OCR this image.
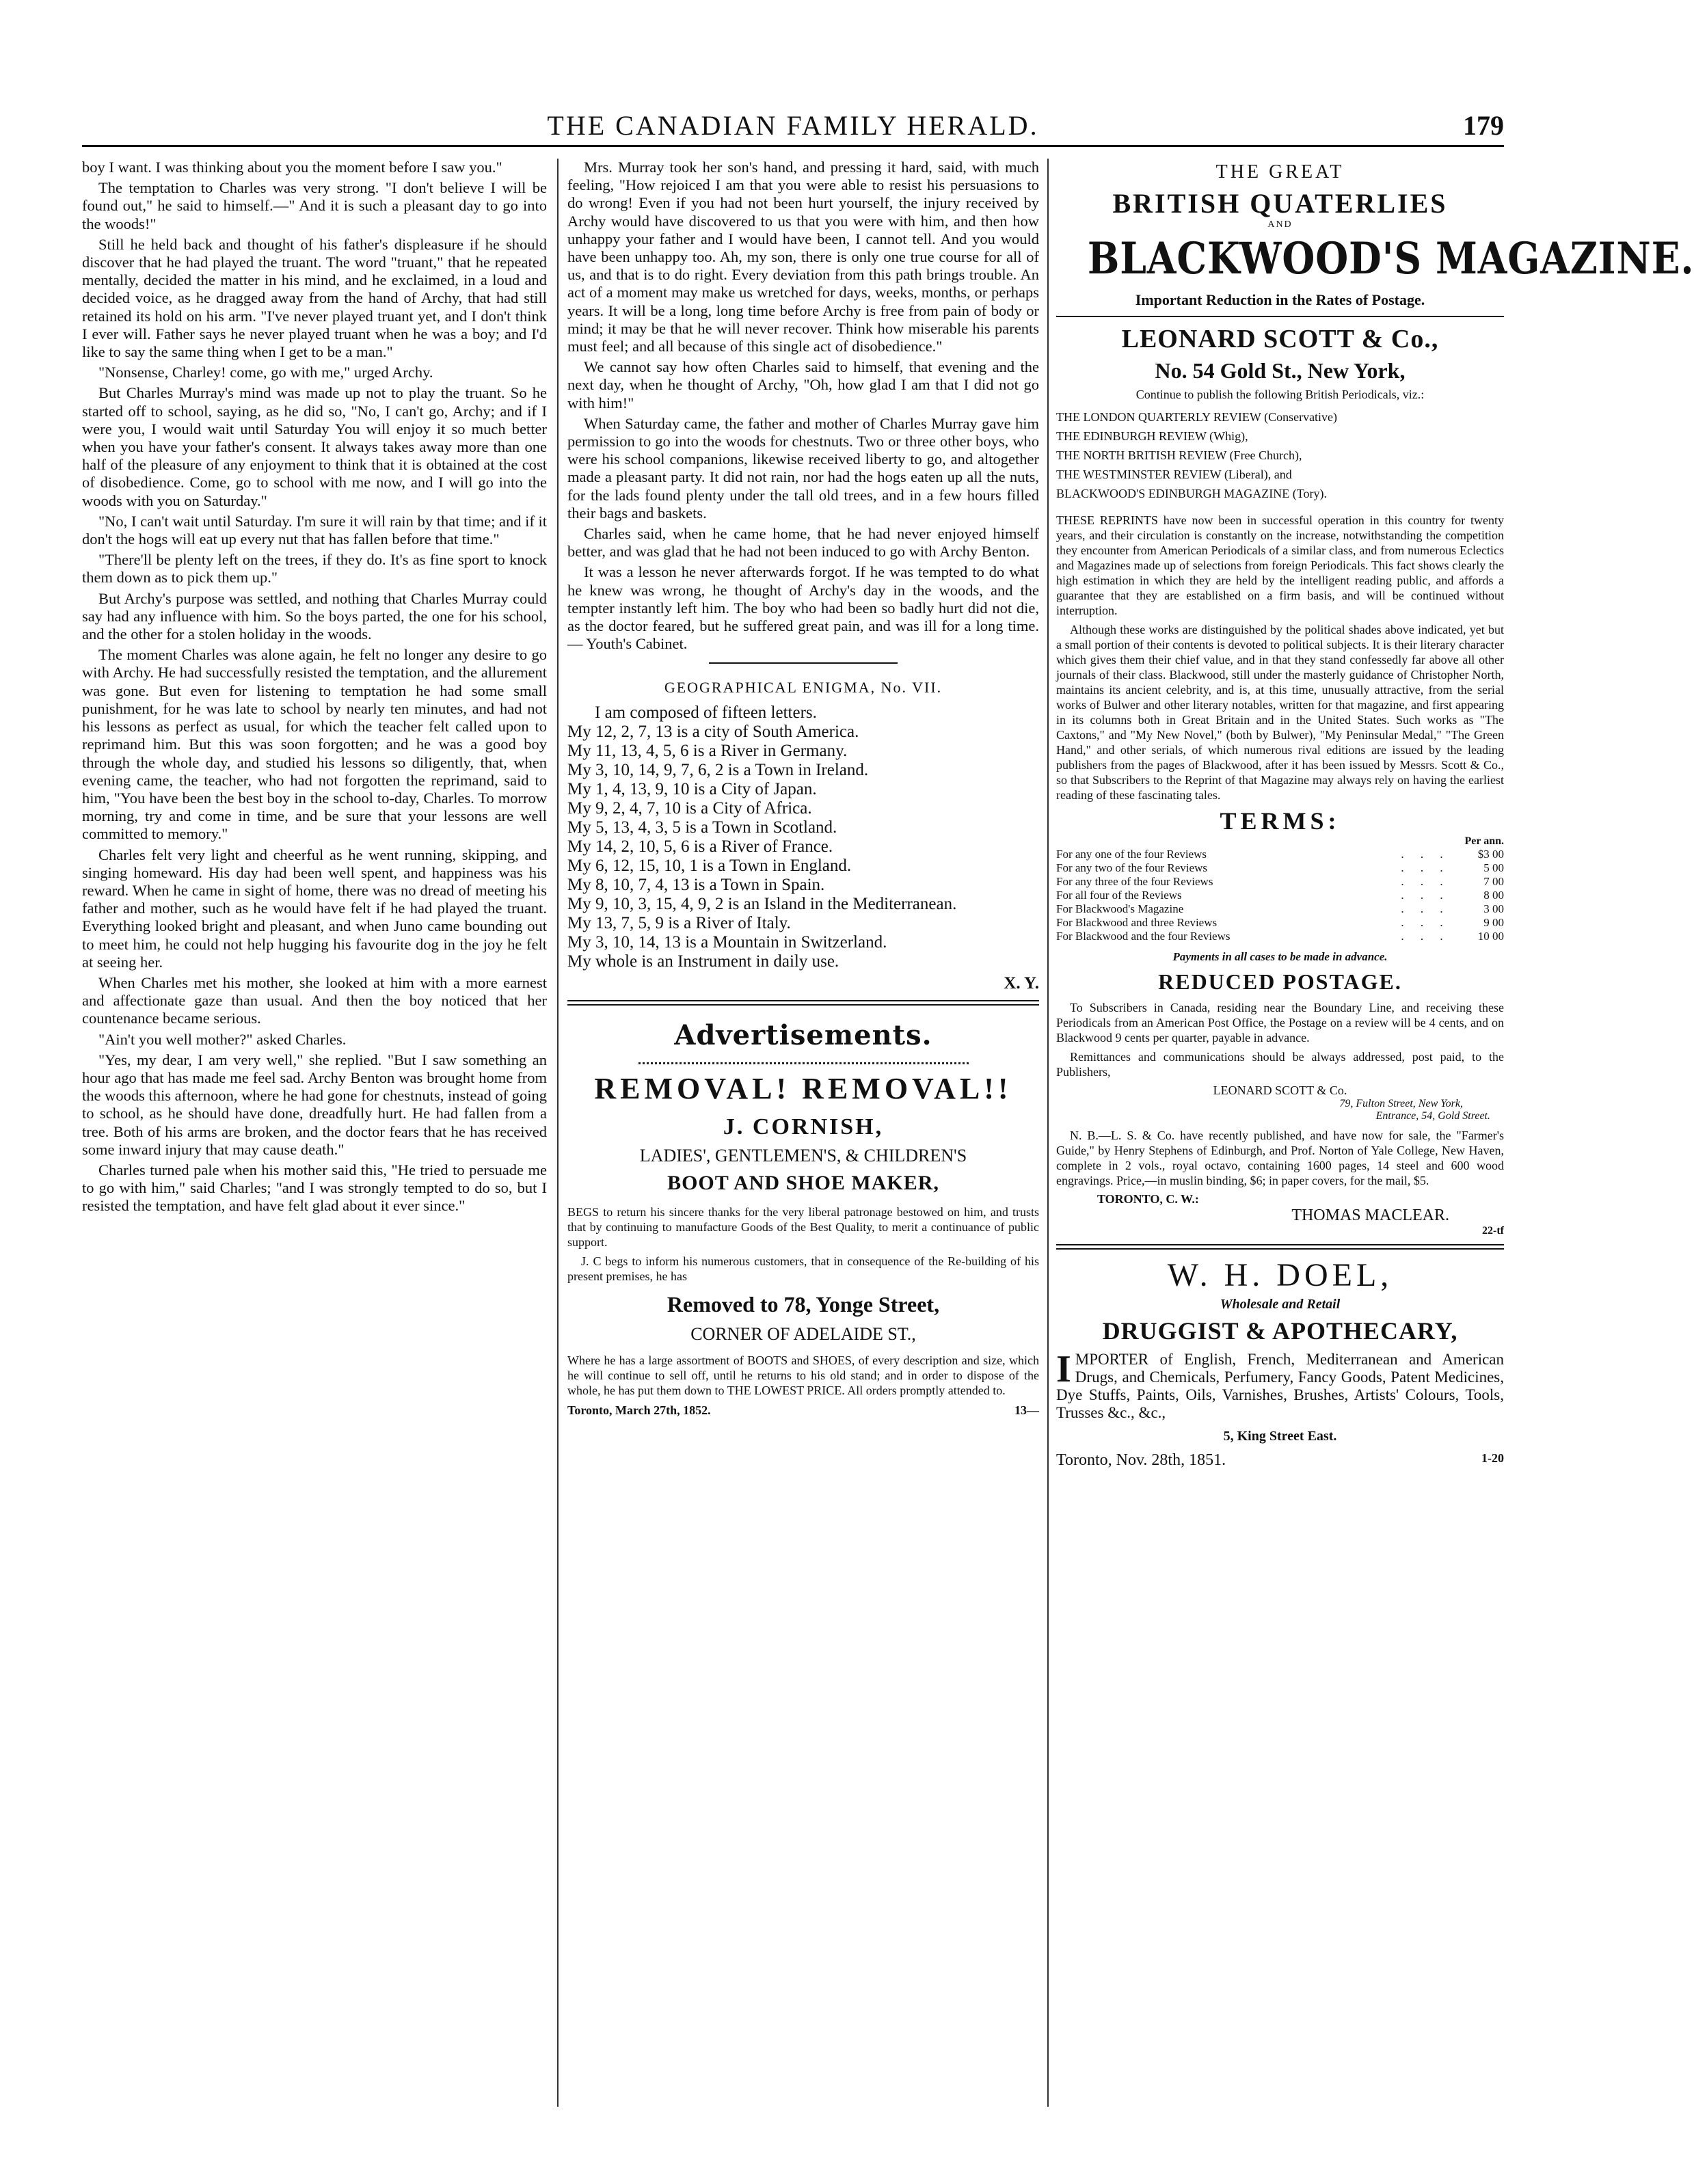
THE CANADIAN FAMILY HERALD.	179

boy I want. I was thinking about you the moment before I saw you."

The temptation to Charles was very strong. "I don't believe I will be found out," he said to himself.—" And it is such a pleasant day to go into the woods!"

Still he held back and thought of his father's displeasure if he should discover that he had played the truant. The word "truant," that he repeated mentally, decided the matter in his mind, and he exclaimed, in a loud and decided voice, as he dragged away from the hand of Archy, that had still retained its hold on his arm. "I've never played truant yet, and I don't think I ever will. Father says he never played truant when he was a boy; and I'd like to say the same thing when I get to be a man."

"Nonsense, Charley! come, go with me," urged Archy.

But Charles Murray's mind was made up not to play the truant. So he started off to school, saying, as he did so, "No, I can't go, Archy; and if I were you, I would wait until Saturday You will enjoy it so much better when you have your father's consent. It always takes away more than one half of the pleasure of any enjoyment to think that it is obtained at the cost of disobedience. Come, go to school with me now, and I will go into the woods with you on Saturday."

"No, I can't wait until Saturday. I'm sure it will rain by that time; and if it don't the hogs will eat up every nut that has fallen before that time."

"There'll be plenty left on the trees, if they do. It's as fine sport to knock them down as to pick them up."

But Archy's purpose was settled, and nothing that Charles Murray could say had any influence with him. So the boys parted, the one for his school, and the other for a stolen holiday in the woods.

The moment Charles was alone again, he felt no longer any desire to go with Archy. He had successfully resisted the temptation, and the allurement was gone. But even for listening to temptation he had some small punishment, for he was late to school by nearly ten minutes, and had not his lessons as perfect as usual, for which the teacher felt called upon to reprimand him. But this was soon forgotten; and he was a good boy through the whole day, and studied his lessons so diligently, that, when evening came, the teacher, who had not forgotten the reprimand, said to him, "You have been the best boy in the school to-day, Charles. To morrow morning, try and come in time, and be sure that your lessons are well committed to memory."

Charles felt very light and cheerful as he went running, skipping, and singing homeward. His day had been well spent, and happiness was his reward. When he came in sight of home, there was no dread of meeting his father and mother, such as he would have felt if he had played the truant. Everything looked bright and pleasant, and when Juno came bounding out to meet him, he could not help hugging his favourite dog in the joy he felt at seeing her.

When Charles met his mother, she looked at him with a more earnest and affectionate gaze than usual. And then the boy noticed that her countenance became serious.

"Ain't you well mother?" asked Charles.

"Yes, my dear, I am very well," she replied. "But I saw something an hour ago that has made me feel sad. Archy Benton was brought home from the woods this afternoon, where he had gone for chestnuts, instead of going to school, as he should have done, dreadfully hurt. He had fallen from a tree. Both of his arms are broken, and the doctor fears that he has received some inward injury that may cause death."

Charles turned pale when his mother said this, "He tried to persuade me to go with him," said Charles; "and I was strongly tempted to do so, but I resisted the temptation, and have felt glad about it ever since."

Mrs. Murray took her son's hand, and pressing it hard, said, with much feeling, "How rejoiced I am that you were able to resist his persuasions to do wrong! Even if you had not been hurt yourself, the injury received by Archy would have discovered to us that you were with him, and then how unhappy your father and I would have been, I cannot tell. And you would have been unhappy too. Ah, my son, there is only one true course for all of us, and that is to do right. Every deviation from this path brings trouble. An act of a moment may make us wretched for days, weeks, months, or perhaps years. It will be a long, long time before Archy is free from pain of body or mind; it may be that he will never recover. Think how miserable his parents must feel; and all because of this single act of disobedience."

We cannot say how often Charles said to himself, that evening and the next day, when he thought of Archy, "Oh, how glad I am that I did not go with him!"

When Saturday came, the father and mother of Charles Murray gave him permission to go into the woods for chestnuts. Two or three other boys, who were his school companions, likewise received liberty to go, and altogether made a pleasant party. It did not rain, nor had the hogs eaten up all the nuts, for the lads found plenty under the tall old trees, and in a few hours filled their bags and baskets.

Charles said, when he came home, that he had never enjoyed himself better, and was glad that he had not been induced to go with Archy Benton.

It was a lesson he never afterwards forgot. If he was tempted to do what he knew was wrong, he thought of Archy's day in the woods, and the tempter instantly left him. The boy who had been so badly hurt did not die, as the doctor feared, but he suffered great pain, and was ill for a long time.— Youth's Cabinet.

GEOGRAPHICAL ENIGMA, No. VII.
I am composed of fifteen letters.
My 12, 2, 7, 13 is a city of South America.
My 11, 13, 4, 5, 6 is a River in Germany.
My 3, 10, 14, 9, 7, 6, 2 is a Town in Ireland.
My 1, 4, 13, 9, 10 is a City of Japan.
My 9, 2, 4, 7, 10 is a City of Africa.
My 5, 13, 4, 3, 5 is a Town in Scotland.
My 14, 2, 10, 5, 6 is a River of France.
My 6, 12, 15, 10, 1 is a Town in England.
My 8, 10, 7, 4, 13 is a Town in Spain.
My 9, 10, 3, 15, 4, 9, 2 is an Island in the Mediterranean.
My 13, 7, 5, 9 is a River of Italy.
My 3, 10, 14, 13 is a Mountain in Switzerland.
My whole is an Instrument in daily use.
X. Y.
Advertisements.
REMOVAL! REMOVAL!!
J. CORNISH,
LADIES', GENTLEMEN'S, & CHILDREN'S
BOOT AND SHOE MAKER,

BEGS to return his sincere thanks for the very liberal patronage bestowed on him, and trusts that by continuing to manufacture Goods of the Best Quality, to merit a continuance of public support.

J. C begs to inform his numerous customers, that in consequence of the Re-building of his present premises, he has

Removed to 78, Yonge Street,
CORNER OF ADELAIDE ST.,

Where he has a large assortment of BOOTS and SHOES, of every description and size, which he will continue to sell off, until he returns to his old stand; and in order to dispose of the whole, he has put them down to THE LOWEST PRICE. All orders promptly attended to.

Toronto, March 27th, 1852.	13—
THE GREAT
BRITISH QUATERLIES
AND
BLACKWOOD'S MAGAZINE.
Important Reduction in the Rates of Postage.
LEONARD SCOTT & Co.,
No. 54 Gold St., New York,
Continue to publish the following British Periodicals, viz.:
THE LONDON QUARTERLY REVIEW (Conservative)
THE EDINBURGH REVIEW (Whig),
THE NORTH BRITISH REVIEW (Free Church),
THE WESTMINSTER REVIEW (Liberal), and
BLACKWOOD'S EDINBURGH MAGAZINE (Tory).

THESE REPRINTS have now been in successful operation in this country for twenty years, and their circulation is constantly on the increase, notwithstanding the competition they encounter from American Periodicals of a similar class, and from numerous Eclectics and Magazines made up of selections from foreign Periodicals. This fact shows clearly the high estimation in which they are held by the intelligent reading public, and affords a guarantee that they are established on a firm basis, and will be continued without interruption.

Although these works are distinguished by the political shades above indicated, yet but a small portion of their contents is devoted to political subjects. It is their literary character which gives them their chief value, and in that they stand confessedly far above all other journals of their class. Blackwood, still under the masterly guidance of Christopher North, maintains its ancient celebrity, and is, at this time, unusually attractive, from the serial works of Bulwer and other literary notables, written for that magazine, and first appearing in its columns both in Great Britain and in the United States. Such works as "The Caxtons," and "My New Novel," (both by Bulwer), "My Peninsular Medal," "The Green Hand," and other serials, of which numerous rival editions are issued by the leading publishers from the pages of Blackwood, after it has been issued by Messrs. Scott & Co., so that Subscribers to the Reprint of that Magazine may always rely on having the earliest reading of these fascinating tales.

TERMS:
Per ann.
For any one of the four Reviews	. . .	$3 00
For any two of the four Reviews	. . .	5 00
For any three of the four Reviews	. . .	7 00
For all four of the Reviews	. . .	8 00
For Blackwood's Magazine	. . .	3 00
For Blackwood and three Reviews	. . .	9 00
For Blackwood and the four Reviews	. . .	10 00
Payments in all cases to be made in advance.
REDUCED POSTAGE.

To Subscribers in Canada, residing near the Boundary Line, and receiving these Periodicals from an American Post Office, the Postage on a review will be 4 cents, and on Blackwood 9 cents per quarter, payable in advance.

Remittances and communications should be always addressed, post paid, to the Publishers,

LEONARD SCOTT & Co.
79, Fulton Street, New York,
Entrance, 54, Gold Street.

N. B.—L. S. & Co. have recently published, and have now for sale, the "Farmer's Guide," by Henry Stephens of Edinburgh, and Prof. Norton of Yale College, New Haven, complete in 2 vols., royal octavo, containing 1600 pages, 14 steel and 600 wood engravings. Price,—in muslin binding, $6; in paper covers, for the mail, $5.

TORONTO, C. W.:
THOMAS MACLEAR.
22-tf
W. H. DOEL,
Wholesale and Retail
DRUGGIST & APOTHECARY,

IMPORTER of English, French, Mediterranean and American Drugs, and Chemicals, Perfumery, Fancy Goods, Patent Medicines, Dye Stuffs, Paints, Oils, Varnishes, Brushes, Artists' Colours, Tools, Trusses &c., &c.,

5, King Street East.
Toronto, Nov. 28th, 1851.	1-20
